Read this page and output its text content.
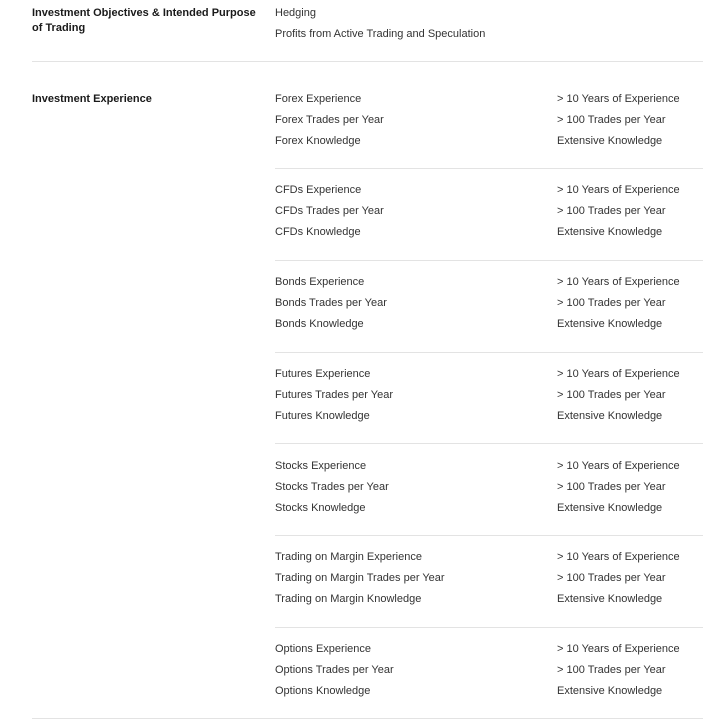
Investment Objectives & Intended Purpose of Trading
Hedging
Profits from Active Trading and Speculation
Investment Experience	Forex Experience	> 10 Years of Experience
Forex Trades per Year	> 100 Trades per Year
Forex Knowledge	Extensive Knowledge
CFDs Experience	> 10 Years of Experience
CFDs Trades per Year	> 100 Trades per Year
CFDs Knowledge	Extensive Knowledge
Bonds Experience	> 10 Years of Experience
Bonds Trades per Year	> 100 Trades per Year
Bonds Knowledge	Extensive Knowledge
Futures Experience	> 10 Years of Experience
Futures Trades per Year	> 100 Trades per Year
Futures Knowledge	Extensive Knowledge
Stocks Experience	> 10 Years of Experience
Stocks Trades per Year	> 100 Trades per Year
Stocks Knowledge	Extensive Knowledge
Trading on Margin Experience	> 10 Years of Experience
Trading on Margin Trades per Year	> 100 Trades per Year
Trading on Margin Knowledge	Extensive Knowledge
Options Experience	> 10 Years of Experience
Options Trades per Year	> 100 Trades per Year
Options Knowledge	Extensive Knowledge
